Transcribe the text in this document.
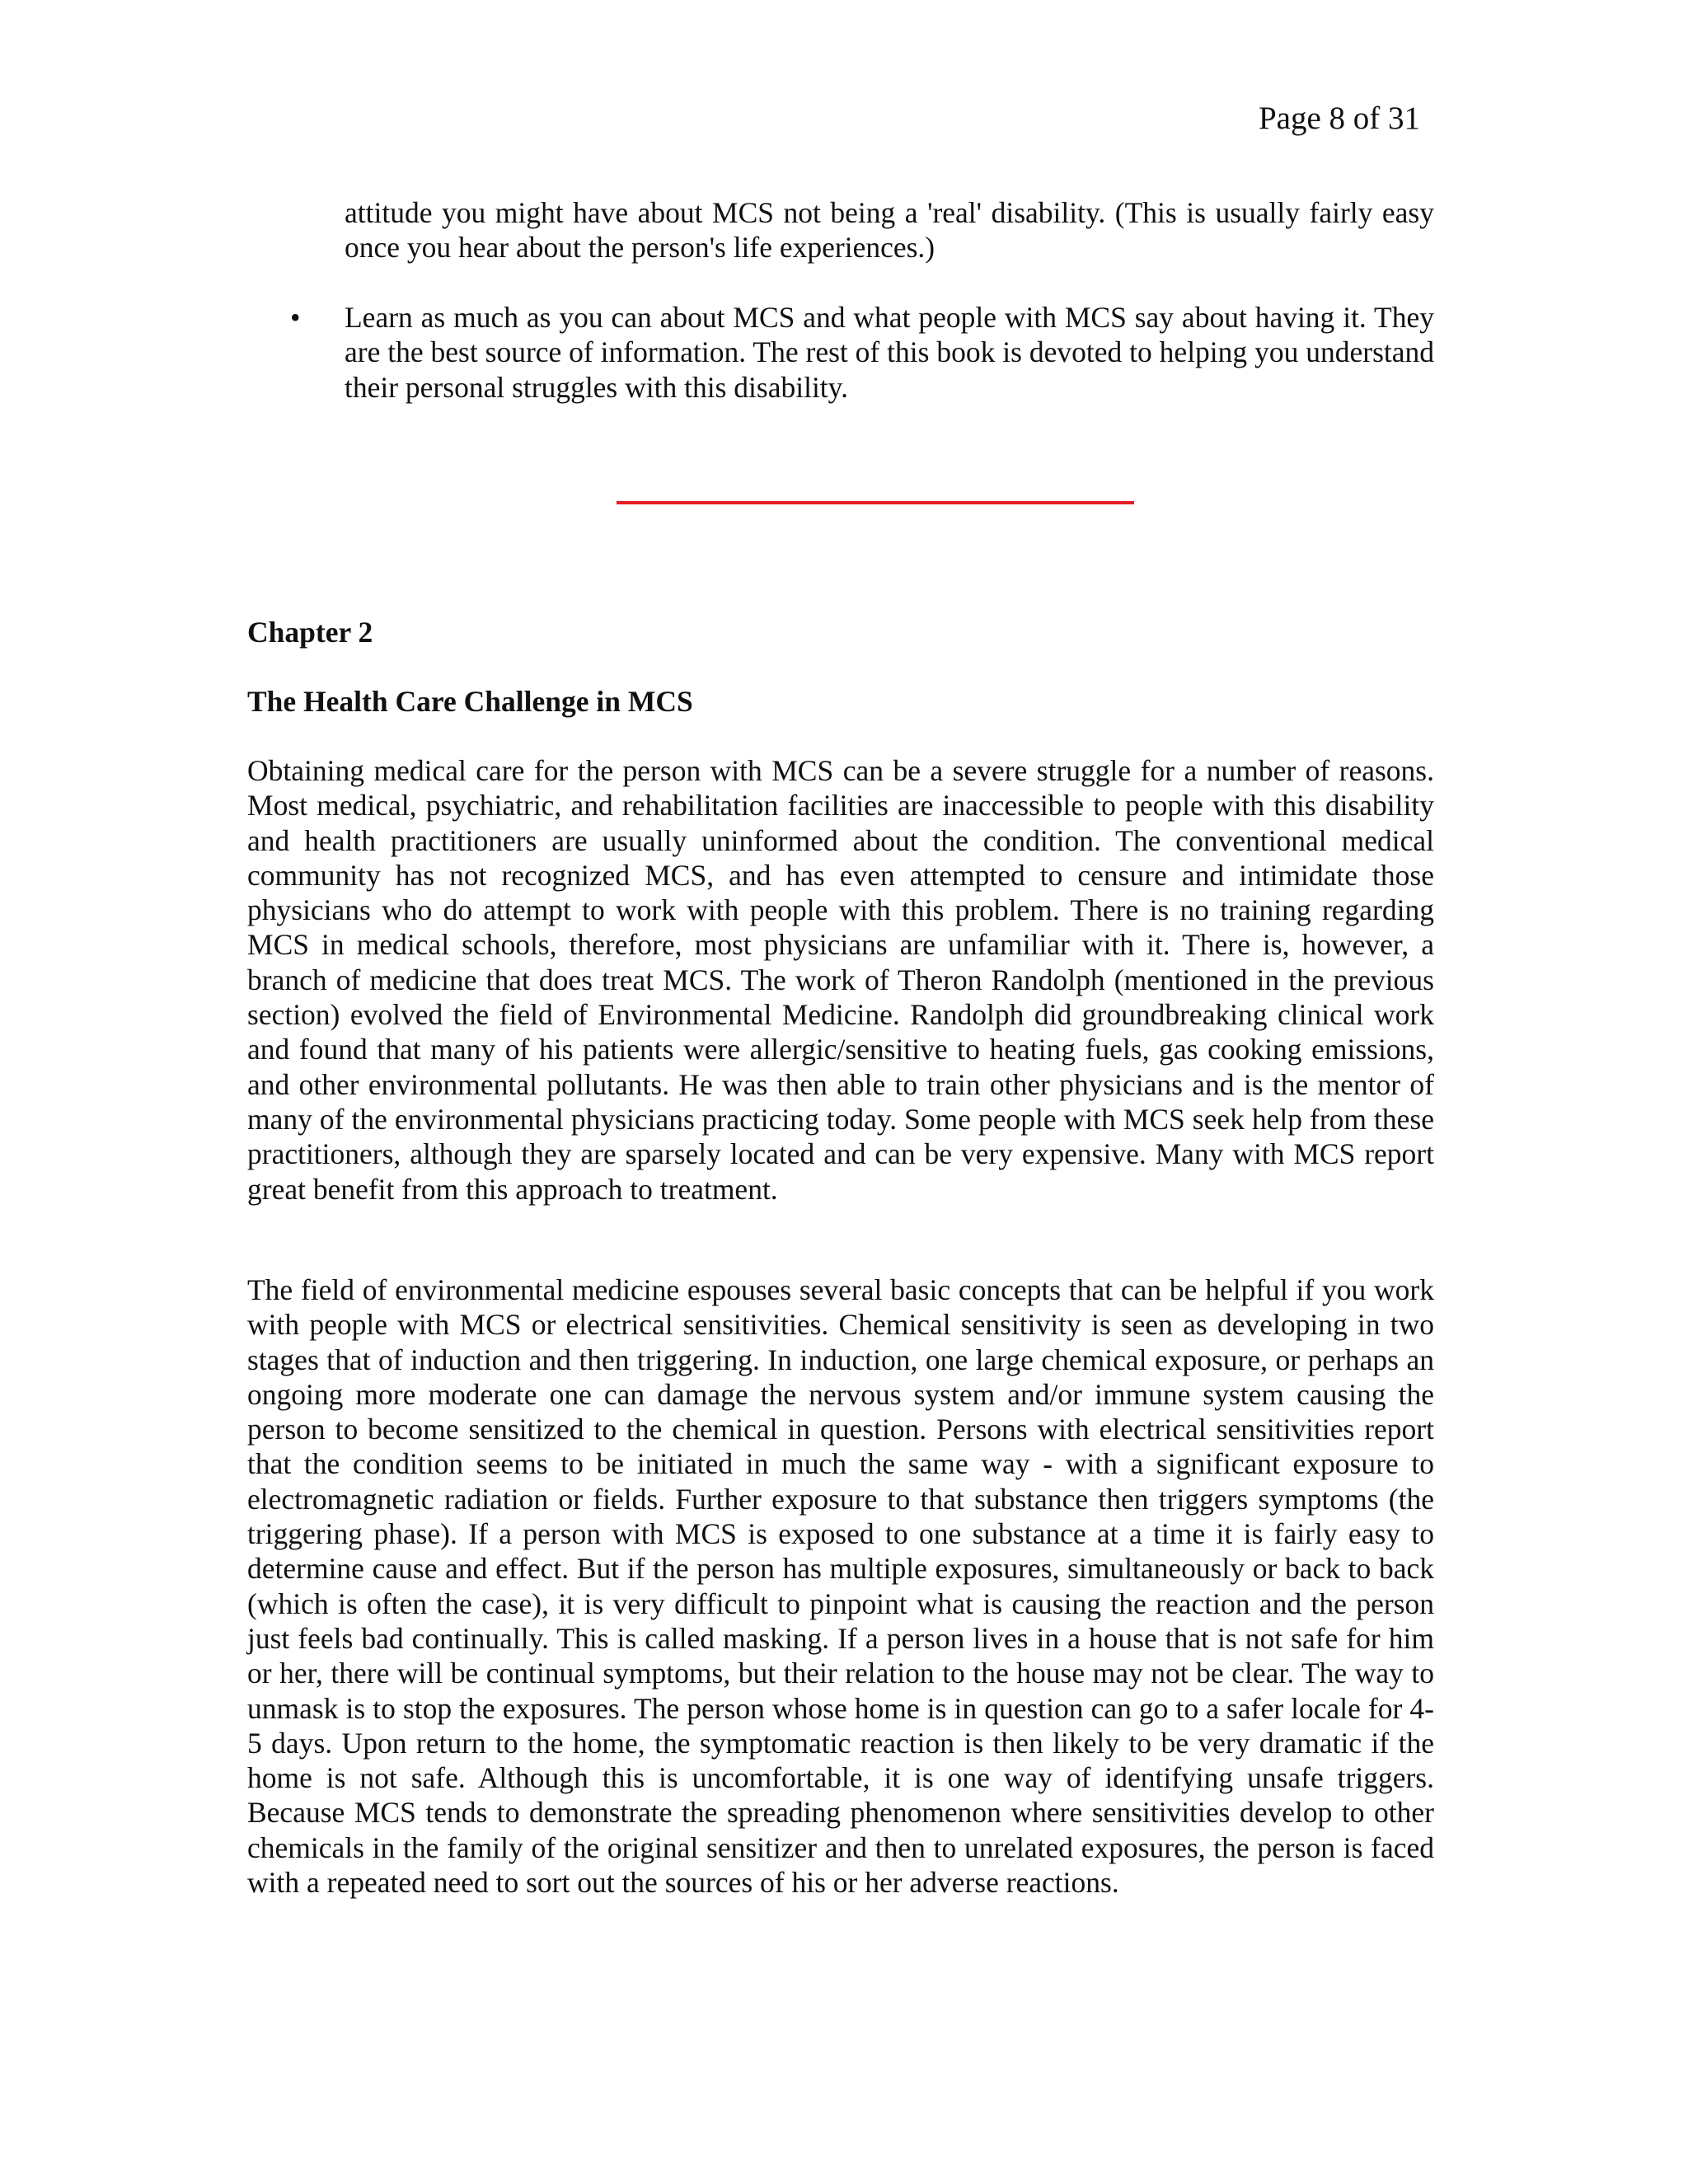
Page 8 of 31

attitude you might have about MCS not being a 'real' disability. (This is usually fairly easy once you hear about the person's life experiences.)

•	Learn as much as you can about MCS and what people with MCS say about having it. They are the best source of information. The rest of this book is devoted to helping you understand their personal struggles with this disability.

Chapter 2
The Health Care Challenge in MCS

Obtaining medical care for the person with MCS can be a severe struggle for a number of reasons. Most medical, psychiatric, and rehabilitation facilities are inaccessible to people with this disability and health practitioners are usually uninformed about the condition. The conventional medical community has not recognized MCS, and has even attempted to censure and intimidate those physicians who do attempt to work with people with this problem. There is no training regarding MCS in medical schools, therefore, most physicians are unfamiliar with it. There is, however, a branch of medicine that does treat MCS. The work of Theron Randolph (mentioned in the previous section) evolved the field of Environmental Medicine. Randolph did groundbreaking clinical work and found that many of his patients were allergic/sensitive to heating fuels, gas cooking emissions, and other environmental pollutants. He was then able to train other physicians and is the mentor of many of the environmental physicians practicing today. Some people with MCS seek help from these practitioners, although they are sparsely located and can be very expensive. Many with MCS report great benefit from this approach to treatment.

The field of environmental medicine espouses several basic concepts that can be helpful if you work with people with MCS or electrical sensitivities. Chemical sensitivity is seen as developing in two stages that of induction and then triggering. In induction, one large chemical exposure, or perhaps an ongoing more moderate one can damage the nervous system and/or immune system causing the person to become sensitized to the chemical in question. Persons with electrical sensitivities report that the condition seems to be initiated in much the same way - with a significant exposure to electromagnetic radiation or fields. Further exposure to that substance then triggers symptoms (the triggering phase). If a person with MCS is exposed to one substance at a time it is fairly easy to determine cause and effect. But if the person has multiple exposures, simultaneously or back to back (which is often the case), it is very difficult to pinpoint what is causing the reaction and the person just feels bad continually. This is called masking. If a person lives in a house that is not safe for him or her, there will be continual symptoms, but their relation to the house may not be clear. The way to unmask is to stop the exposures. The person whose home is in question can go to a safer locale for 4-5 days. Upon return to the home, the symptomatic reaction is then likely to be very dramatic if the home is not safe. Although this is uncomfortable, it is one way of identifying unsafe triggers. Because MCS tends to demonstrate the spreading phenomenon where sensitivities develop to other chemicals in the family of the original sensitizer and then to unrelated exposures, the person is faced with a repeated need to sort out the sources of his or her adverse reactions.
